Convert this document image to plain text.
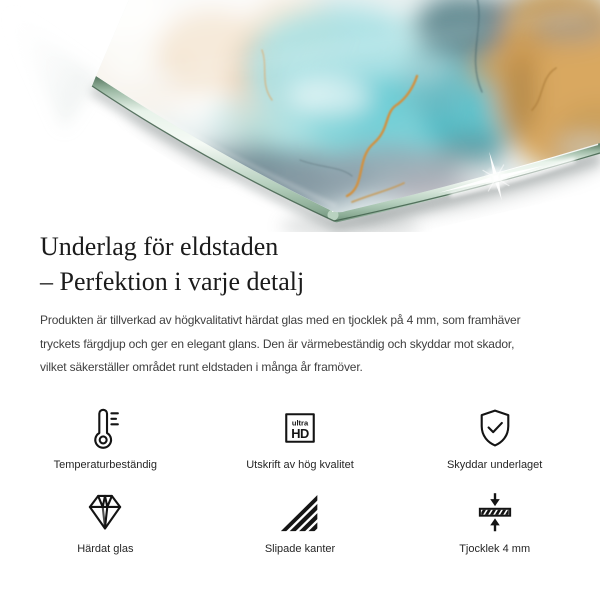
Underlag för eldstaden
– Perfektion i varje detalj
Produkten är tillverkad av högkvalitativt härdat glas med en tjocklek på 4 mm, som framhäver
tryckets färgdjup och ger en elegant glans. Den är värmebeständig och skyddar mot skador,
vilket säkerställer området runt eldstaden i många år framöver.
Temperaturbeständig
ultra
HD
Utskrift av hög kvalitet	Skyddar underlaget
Härdat glas	Slipade kanter	Tjocklek 4 mm
